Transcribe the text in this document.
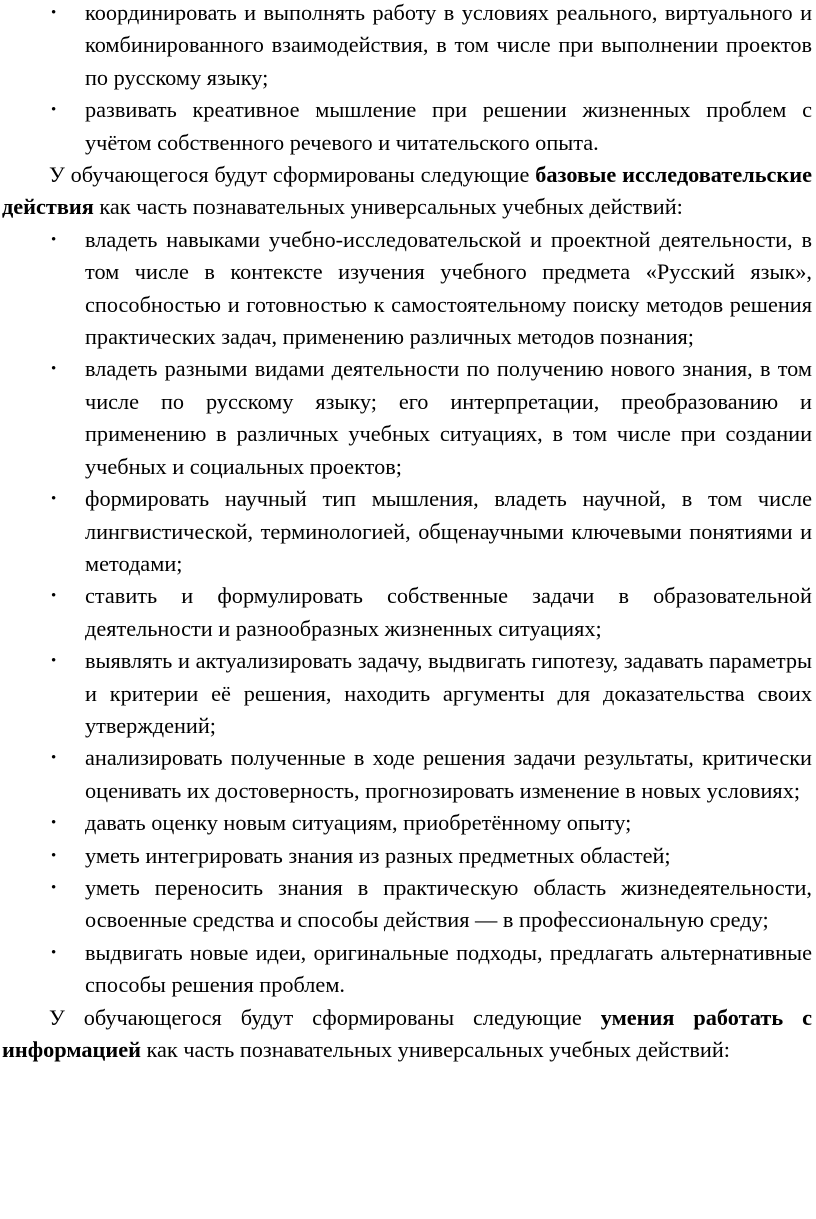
• координировать и выполнять работу в условиях реального, виртуального и комбинированного взаимодействия, в том числе при выполнении проектов по русскому языку;
• развивать креативное мышление при решении жизненных проблем с учётом собственного речевого и читательского опыта.

У обучающегося будут сформированы следующие базовые исследовательские действия как часть познавательных универсальных учебных действий:

• владеть навыками учебно-исследовательской и проектной деятельности, в том числе в контексте изучения учебного предмета «Русский язык», способностью и готовностью к самостоятельному поиску методов решения практических задач, применению различных методов познания;
• владеть разными видами деятельности по получению нового знания, в том числе по русскому языку; его интерпретации, преобразованию и применению в различных учебных ситуациях, в том числе при создании учебных и социальных проектов;
• формировать научный тип мышления, владеть научной, в том числе лингвистической, терминологией, общенаучными ключевыми понятиями и методами;
• ставить и формулировать собственные задачи в образовательной деятельности и разнообразных жизненных ситуациях;
• выявлять и актуализировать задачу, выдвигать гипотезу, задавать параметры и критерии её решения, находить аргументы для доказательства своих утверждений;
• анализировать полученные в ходе решения задачи результаты, критически оценивать их достоверность, прогнозировать изменение в новых условиях;
• давать оценку новым ситуациям, приобретённому опыту;
• уметь интегрировать знания из разных предметных областей;
• уметь переносить знания в практическую область жизнедеятельности, освоенные средства и способы действия — в профессиональную среду;
• выдвигать новые идеи, оригинальные подходы, предлагать альтернативные способы решения проблем.

У обучающегося будут сформированы следующие умения работать с информацией как часть познавательных универсальных учебных действий:
